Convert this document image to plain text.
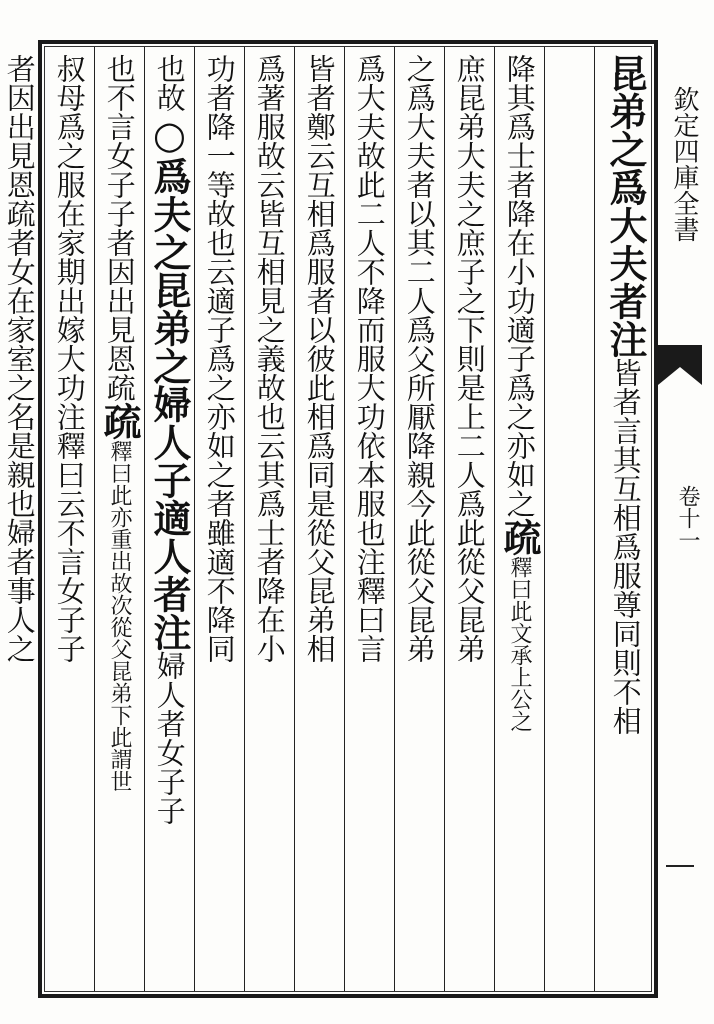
昆弟之爲大夫者注
皆者言其互相爲服尊同則不相
降其爲士者降在小功適子爲之亦如之
疏
釋曰此文承上公之
庶昆弟大夫之庶子之下則是上二人爲此從父昆弟
之爲大夫者以其二人爲父所厭降親今此從父昆弟
爲大夫故此二人不降而服大功依本服也注釋曰言
皆者鄭云互相爲服者以彼此相爲同是從父昆弟相
爲著服故云皆互相見之義故也云其爲士者降在小
功者降一等故也云適子爲之亦如之者雖適不降同
也故
○爲夫之昆弟之婦人子適人者注
婦人者女子子
也不言女子子者因出見恩疏
疏
釋曰此亦重出故次從父昆弟下此謂世
叔母爲之服在家期出嫁大功注釋曰云不言女子子
者因出見恩疏者女在家室之名是親也婦者事人之	欽定四庫全書
卷十一
